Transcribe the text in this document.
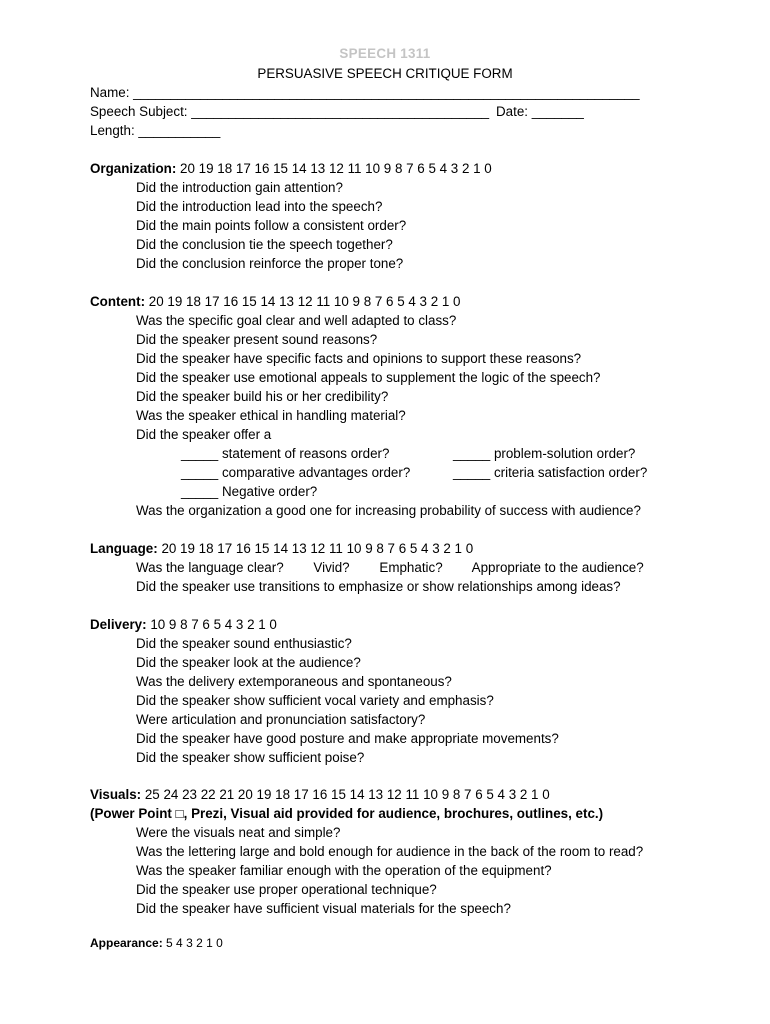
SPEECH 1311
PERSUASIVE SPEECH CRITIQUE FORM
Name: ____________________________________________________________________
Speech Subject: ________________________________________ Date: _______
Length: ___________
Organization: 20 19 18 17 16 15 14 13 12 11 10 9 8 7 6 5 4 3 2 1 0
Did the introduction gain attention?
Did the introduction lead into the speech?
Did the main points follow a consistent order?
Did the conclusion tie the speech together?
Did the conclusion reinforce the proper tone?
Content: 20 19 18 17 16 15 14 13 12 11 10 9 8 7 6 5 4 3 2 1 0
Was the specific goal clear and well adapted to class?
Did the speaker present sound reasons?
Did the speaker have specific facts and opinions to support these reasons?
Did the speaker use emotional appeals to supplement the logic of the speech?
Did the speaker build his or her credibility?
Was the speaker ethical in handling material?
Did the speaker offer a
_____ statement of reasons order?	_____ problem-solution order?
_____ comparative advantages order?	_____ criteria satisfaction order?
_____ Negative order?
Was the organization a good one for increasing probability of success with audience?
Language: 20 19 18 17 16 15 14 13 12 11 10 9 8 7 6 5 4 3 2 1 0
Was the language clear?        Vivid?        Emphatic?        Appropriate to the audience?
Did the speaker use transitions to emphasize or show relationships among ideas?
Delivery: 10 9 8 7 6 5 4 3 2 1 0
Did the speaker sound enthusiastic?
Did the speaker look at the audience?
Was the delivery extemporaneous and spontaneous?
Did the speaker show sufficient vocal variety and emphasis?
Were articulation and pronunciation satisfactory?
Did the speaker have good posture and make appropriate movements?
Did the speaker show sufficient poise?
Visuals: 25 24 23 22 21 20 19 18 17 16 15 14 13 12 11 10 9 8 7 6 5 4 3 2 1 0
(Power Point □, Prezi, Visual aid provided for audience, brochures, outlines, etc.)
Were the visuals neat and simple?
Was the lettering large and bold enough for audience in the back of the room to read?
Was the speaker familiar enough with the operation of the equipment?
Did the speaker use proper operational technique?
Did the speaker have sufficient visual materials for the speech?
Appearance: 5 4 3 2 1 0
